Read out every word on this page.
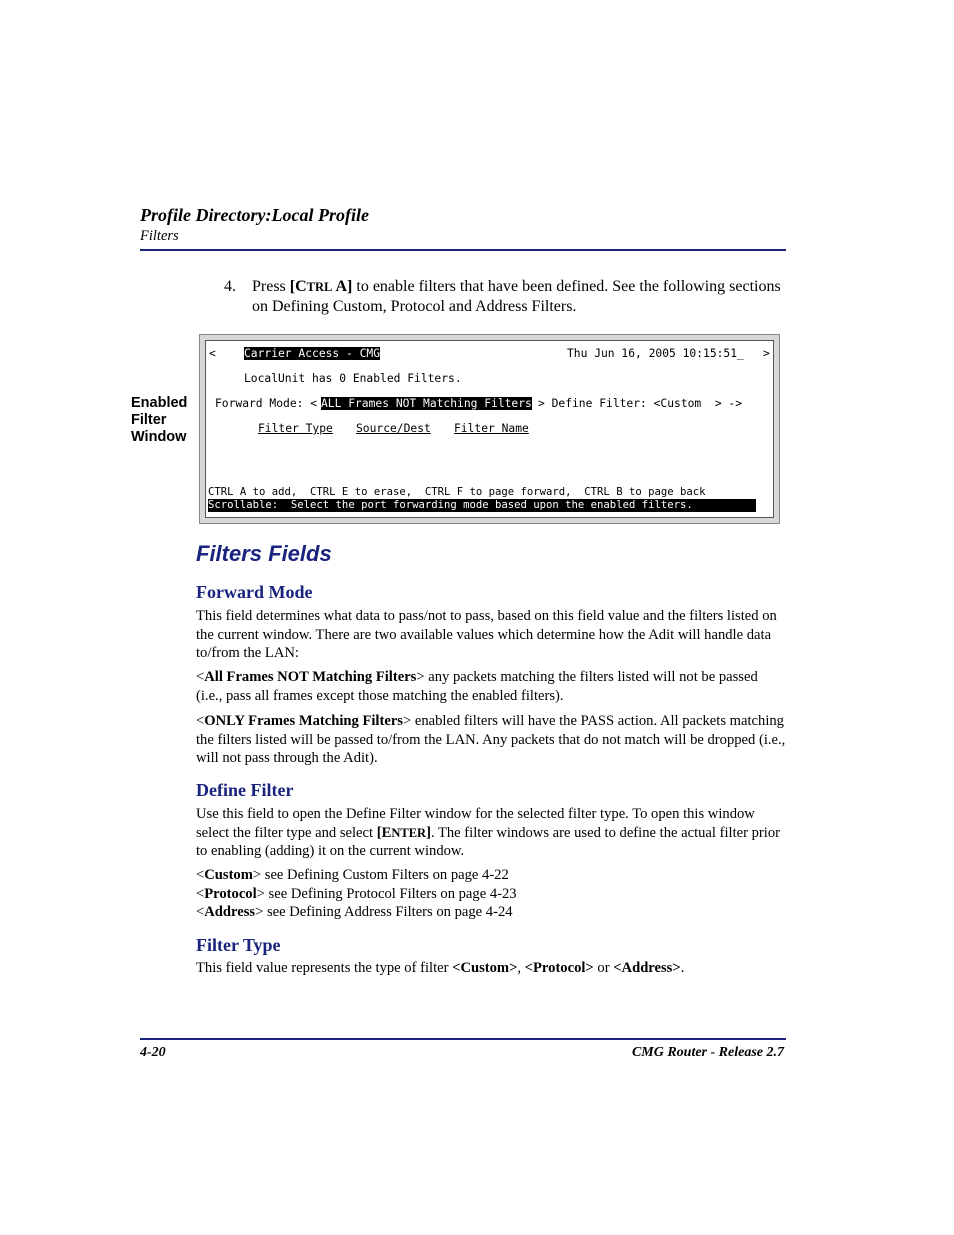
Profile Directory:Local Profile
Filters
4. Press [CTRL A] to enable filters that have been defined. See the following sections on Defining Custom, Protocol and Address Filters.
Enabled
Filter
Window
< Carrier Access - CMG	Thu Jun 16, 2005 10:15:51_ >
LocalUnit has 0 Enabled Filters.
Forward Mode: < ALL Frames NOT Matching Filters > Define Filter: <Custom  > ->
Filter Type Source/Dest Filter Name
CTRL A to add,  CTRL E to erase,  CTRL F to page forward,  CTRL B to page back
Scrollable:  Select the port forwarding mode based upon the enabled filters.
Filters Fields
Forward Mode
This field determines what data to pass/not to pass, based on this field value and the filters listed on the current window. There are two available values which determine how the Adit will handle data to/from the LAN:
<All Frames NOT Matching Filters> any packets matching the filters listed will not be passed (i.e., pass all frames except those matching the enabled filters).
<ONLY Frames Matching Filters> enabled filters will have the PASS action. All packets matching the filters listed will be passed to/from the LAN. Any packets that do not match will be dropped (i.e., will not pass through the Adit).
Define Filter
Use this field to open the Define Filter window for the selected filter type. To open this window select the filter type and select [ENTER]. The filter windows are used to define the actual filter prior to enabling (adding) it on the current window.
<Custom> see Defining Custom Filters on page 4-22
<Protocol> see Defining Protocol Filters on page 4-23
<Address> see Defining Address Filters on page 4-24
Filter Type
This field value represents the type of filter <Custom>, <Protocol> or <Address>.
4-20	CMG Router - Release 2.7
